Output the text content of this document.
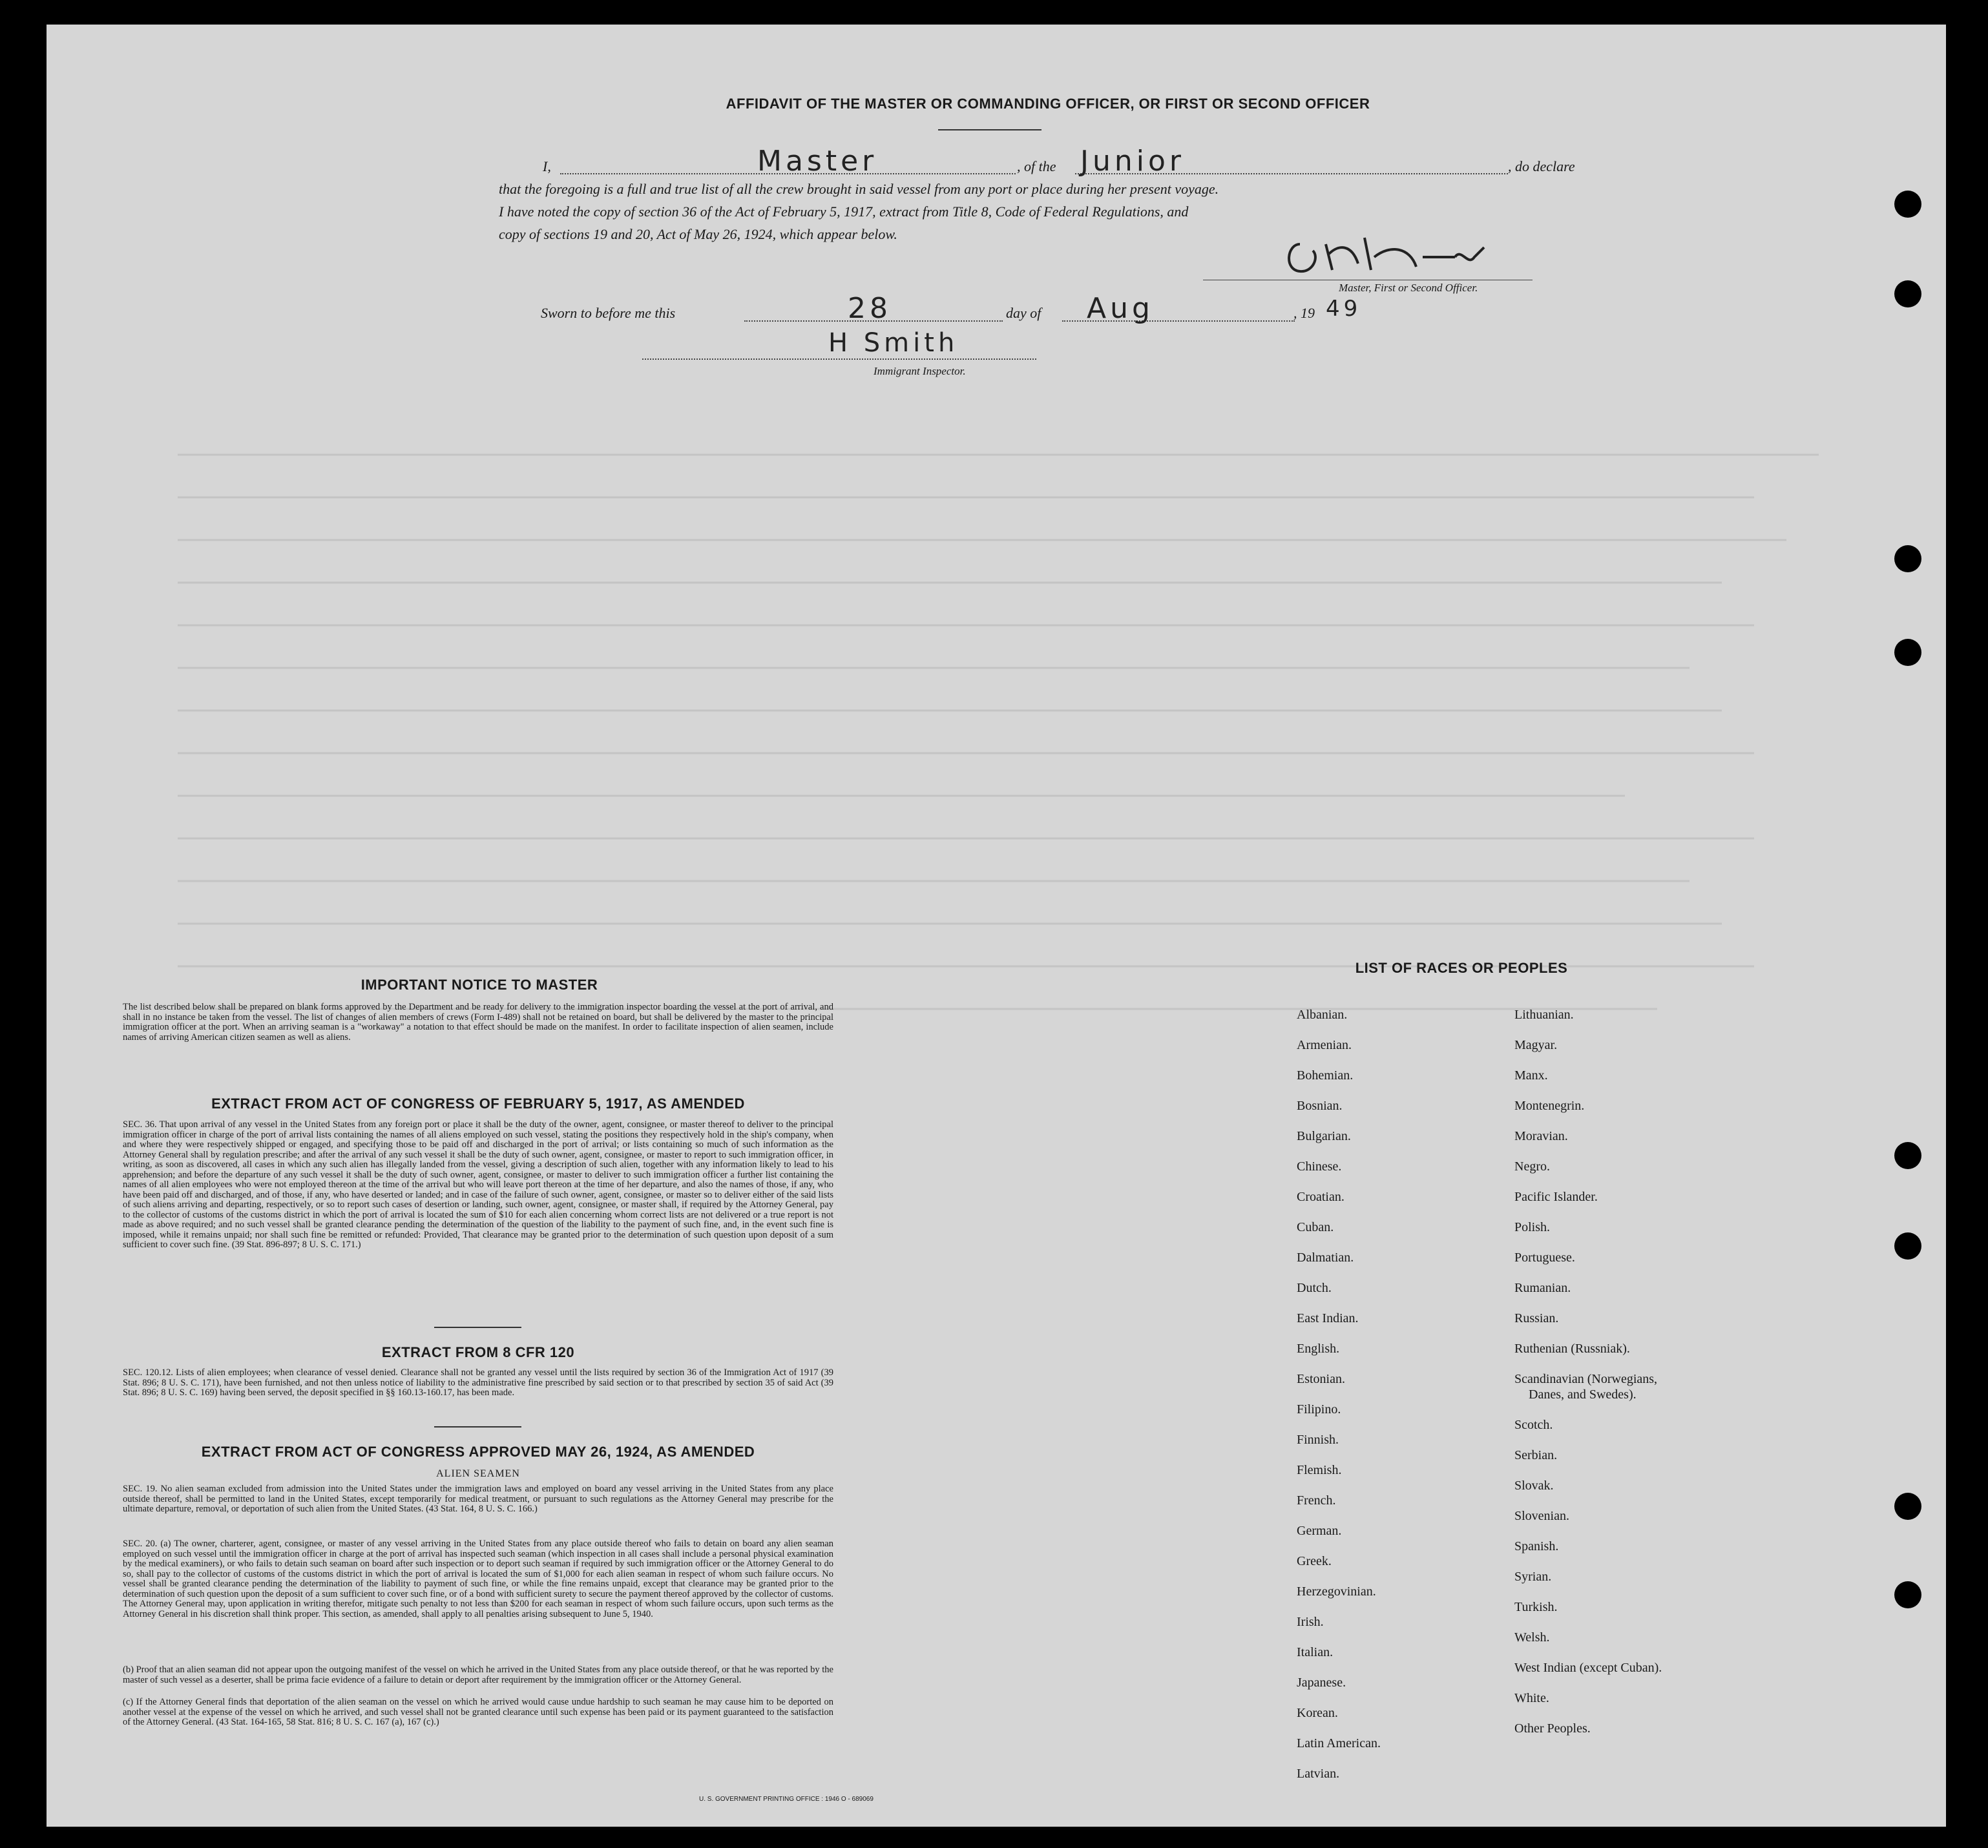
AFFIDAVIT OF THE MASTER OR COMMANDING OFFICER, OR FIRST OR SECOND OFFICER
I,	Master	, of the Junior	, do declare
that the foregoing is a full and true list of all the crew brought in said vessel from any port or place during her present voyage.
I have noted the copy of section 36 of the Act of February 5, 1917, extract from Title 8, Code of Federal Regulations, and
copy of sections 19 and 20, Act of May 26, 1924, which appear below.
Master, First or Second Officer.
Sworn to before me this	28	day of Aug	, 19 49
H Smith
Immigrant Inspector.

IMPORTANT NOTICE TO MASTER
The list described below shall be prepared on blank forms approved by the Department and be ready for delivery to the immigration inspector boarding the vessel at the port of arrival, and shall in no instance be taken from the vessel. The list of changes of alien members of crews (Form I-489) shall not be retained on board, but shall be delivered by the master to the principal immigration officer at the port. When an arriving seaman is a "workaway" a notation to that effect should be made on the manifest. In order to facilitate inspection of alien seamen, include names of arriving American citizen seamen as well as aliens.
EXTRACT FROM ACT OF CONGRESS OF FEBRUARY 5, 1917, AS AMENDED
SEC. 36. That upon arrival of any vessel in the United States from any foreign port or place it shall be the duty of the owner, agent, consignee, or master thereof to deliver to the principal immigration officer in charge of the port of arrival lists containing the names of all aliens employed on such vessel, stating the positions they respectively hold in the ship's company, when and where they were respectively shipped or engaged, and specifying those to be paid off and discharged in the port of arrival; or lists containing so much of such information as the Attorney General shall by regulation prescribe; and after the arrival of any such vessel it shall be the duty of such owner, agent, consignee, or master to report to such immigration officer, in writing, as soon as discovered, all cases in which any such alien has illegally landed from the vessel, giving a description of such alien, together with any information likely to lead to his apprehension; and before the departure of any such vessel it shall be the duty of such owner, agent, consignee, or master to deliver to such immigration officer a further list containing the names of all alien employees who were not employed thereon at the time of the arrival but who will leave port thereon at the time of her departure, and also the names of those, if any, who have been paid off and discharged, and of those, if any, who have deserted or landed; and in case of the failure of such owner, agent, consignee, or master so to deliver either of the said lists of such aliens arriving and departing, respectively, or so to report such cases of desertion or landing, such owner, agent, consignee, or master shall, if required by the Attorney General, pay to the collector of customs of the customs district in which the port of arrival is located the sum of $10 for each alien concerning whom correct lists are not delivered or a true report is not made as above required; and no such vessel shall be granted clearance pending the determination of the question of the liability to the payment of such fine, and, in the event such fine is imposed, while it remains unpaid; nor shall such fine be remitted or refunded: Provided, That clearance may be granted prior to the determination of such question upon deposit of a sum sufficient to cover such fine. (39 Stat. 896-897; 8 U. S. C. 171.)
EXTRACT FROM 8 CFR 120
SEC. 120.12. Lists of alien employees; when clearance of vessel denied. Clearance shall not be granted any vessel until the lists required by section 36 of the Immigration Act of 1917 (39 Stat. 896; 8 U. S. C. 171), have been furnished, and not then unless notice of liability to the administrative fine prescribed by said section or to that prescribed by section 35 of said Act (39 Stat. 896; 8 U. S. C. 169) having been served, the deposit specified in §§ 160.13-160.17, has been made.
EXTRACT FROM ACT OF CONGRESS APPROVED MAY 26, 1924, AS AMENDED
ALIEN SEAMEN
SEC. 19. No alien seaman excluded from admission into the United States under the immigration laws and employed on board any vessel arriving in the United States from any place outside thereof, shall be permitted to land in the United States, except temporarily for medical treatment, or pursuant to such regulations as the Attorney General may prescribe for the ultimate departure, removal, or deportation of such alien from the United States. (43 Stat. 164, 8 U. S. C. 166.)
SEC. 20. (a) The owner, charterer, agent, consignee, or master of any vessel arriving in the United States from any place outside thereof who fails to detain on board any alien seaman employed on such vessel until the immigration officer in charge at the port of arrival has inspected such seaman (which inspection in all cases shall include a personal physical examination by the medical examiners), or who fails to detain such seaman on board after such inspection or to deport such seaman if required by such immigration officer or the Attorney General to do so, shall pay to the collector of customs of the customs district in which the port of arrival is located the sum of $1,000 for each alien seaman in respect of whom such failure occurs. No vessel shall be granted clearance pending the determination of the liability to payment of such fine, or while the fine remains unpaid, except that clearance may be granted prior to the determination of such question upon the deposit of a sum sufficient to cover such fine, or of a bond with sufficient surety to secure the payment thereof approved by the collector of customs. The Attorney General may, upon application in writing therefor, mitigate such penalty to not less than $200 for each seaman in respect of whom such failure occurs, upon such terms as the Attorney General in his discretion shall think proper. This section, as amended, shall apply to all penalties arising subsequent to June 5, 1940.
(b) Proof that an alien seaman did not appear upon the outgoing manifest of the vessel on which he arrived in the United States from any place outside thereof, or that he was reported by the master of such vessel as a deserter, shall be prima facie evidence of a failure to detain or deport after requirement by the immigration officer or the Attorney General.
(c) If the Attorney General finds that deportation of the alien seaman on the vessel on which he arrived would cause undue hardship to such seaman he may cause him to be deported on another vessel at the expense of the vessel on which he arrived, and such vessel shall not be granted clearance until such expense has been paid or its payment guaranteed to the satisfaction of the Attorney General. (43 Stat. 164-165, 58 Stat. 816; 8 U. S. C. 167 (a), 167 (c).)
U. S. GOVERNMENT PRINTING OFFICE : 1946 O - 689069
LIST OF RACES OR PEOPLES
Albanian.
Armenian.
Bohemian.
Bosnian.
Bulgarian.
Chinese.
Croatian.
Cuban.
Dalmatian.
Dutch.
East Indian.
English.
Estonian.
Filipino.
Finnish.
Flemish.
French.
German.
Greek.
Herzegovinian.
Irish.
Italian.
Japanese.
Korean.
Latin American.
Latvian.
Lithuanian.
Magyar.
Manx.
Montenegrin.
Moravian.
Negro.
Pacific Islander.
Polish.
Portuguese.
Rumanian.
Russian.
Ruthenian (Russniak).
Scandinavian (Norwegians,
Danes, and Swedes).
Scotch.
Serbian.
Slovak.
Slovenian.
Spanish.
Syrian.
Turkish.
Welsh.
West Indian (except Cuban).
White.
Other Peoples.
